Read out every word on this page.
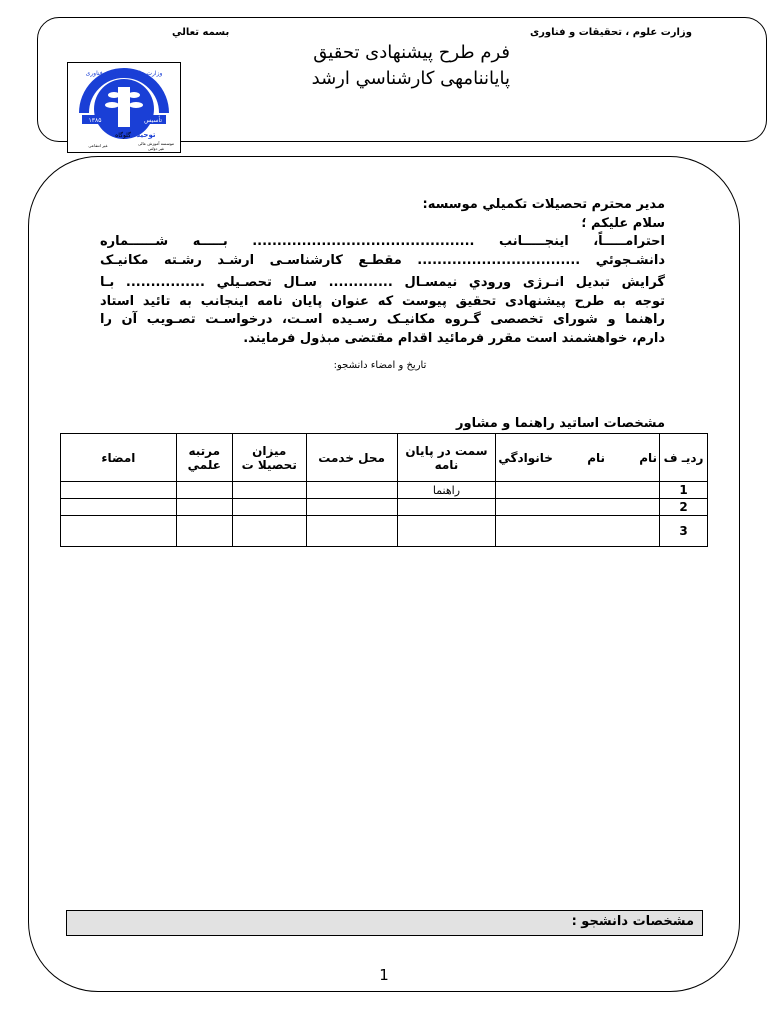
وزارت علوم ، تحقیقات و فناوری
بسمه تعالي
فرم طرح پیشنهادی تحقیق
پایاننامهی کارشناسي ارشد
وزارت علوم تحقیقات و فناوری
۱۳۸۵	تأسیس
توحید
گلوگاه
موسسه آموزش عالی
غیر دولتی
غیر انتفاعی

مدير محترم تحصيلات تكميلي موسسه:

سلام عليكم ؛

احترامـــــاً، اینجـــــانب ............................................. بـــــه شــــــماره

دانشـجوئي ................................. مقطـع کارشناسـی ارشـد رشـته مکانیـک

گرایش تبدیل انـرژی ورودي نيمسـال ............. سـال تحصـيلي ................ بـا

توجه به طرح پیشنهادی تحقیق پیوست که عنوان پایان نامه اینجانب به تائید استاد

راهنما و شورای تخصصی گـروه مکانیـک رسـیده اسـت، درخواسـت تصـویب آن را

دارم، خواهشمند است مقرر فرمائید اقدام مقتضی مبذول فرمایند.

تاریخ و امضاء دانشجو:
مشخصات اساتيد راهنما و مشاور
رديـ ف	نام نام خانوادگي	سمت در پايان نامه	محل خدمت	ميزان تحصيلا ت	مرتبه علمي	امضاء
1		راهنما				
2						
3						
مشخصات دانشجو :
1
